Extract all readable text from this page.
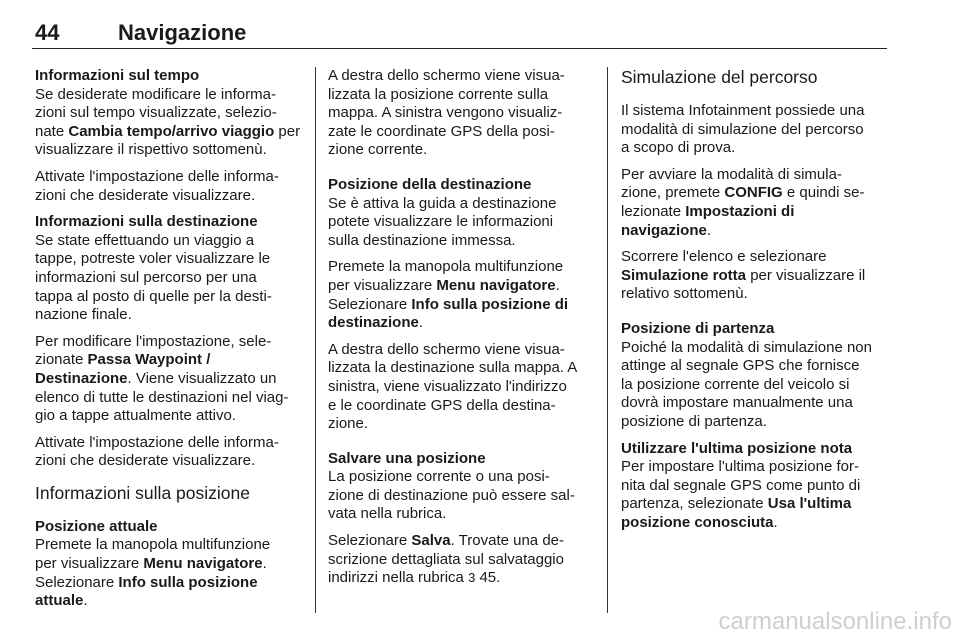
44	Navigazione

Informazioni sul tempo
Se desiderate modificare le informa-
zioni sul tempo visualizzate, selezio-
nate Cambia tempo/arrivo viaggio per
visualizzare il rispettivo sottomenù.

Attivate l'impostazione delle informa-
zioni che desiderate visualizzare.

Informazioni sulla destinazione
Se state effettuando un viaggio a
tappe, potreste voler visualizzare le
informazioni sul percorso per una
tappa al posto di quelle per la desti-
nazione finale.

Per modificare l'impostazione, sele-
zionate Passa Waypoint /
Destinazione. Viene visualizzato un
elenco di tutte le destinazioni nel viag-
gio a tappe attualmente attivo.

Attivate l'impostazione delle informa-
zioni che desiderate visualizzare.

Informazioni sulla posizione

Posizione attuale
Premete la manopola multifunzione
per visualizzare Menu navigatore.
Selezionare Info sulla posizione
attuale.

A destra dello schermo viene visua-
lizzata la posizione corrente sulla
mappa. A sinistra vengono visualiz-
zate le coordinate GPS della posi-
zione corrente.

Posizione della destinazione
Se è attiva la guida a destinazione
potete visualizzare le informazioni
sulla destinazione immessa.

Premete la manopola multifunzione
per visualizzare Menu navigatore.
Selezionare Info sulla posizione di
destinazione.

A destra dello schermo viene visua-
lizzata la destinazione sulla mappa. A
sinistra, viene visualizzato l'indirizzo
e le coordinate GPS della destina-
zione.

Salvare una posizione
La posizione corrente o una posi-
zione di destinazione può essere sal-
vata nella rubrica.

Selezionare Salva. Trovate una de-
scrizione dettagliata sul salvataggio
indirizzi nella rubrica 3 45.

Simulazione del percorso

Il sistema Infotainment possiede una
modalità di simulazione del percorso
a scopo di prova.

Per avviare la modalità di simula-
zione, premete CONFIG e quindi se-
lezionate Impostazioni di
navigazione.

Scorrere l'elenco e selezionare
Simulazione rotta per visualizzare il
relativo sottomenù.

Posizione di partenza
Poiché la modalità di simulazione non
attinge al segnale GPS che fornisce
la posizione corrente del veicolo si
dovrà impostare manualmente una
posizione di partenza.

Utilizzare l'ultima posizione nota
Per impostare l'ultima posizione for-
nita dal segnale GPS come punto di
partenza, selezionate Usa l'ultima
posizione conosciuta.

carmanualsonline.info
